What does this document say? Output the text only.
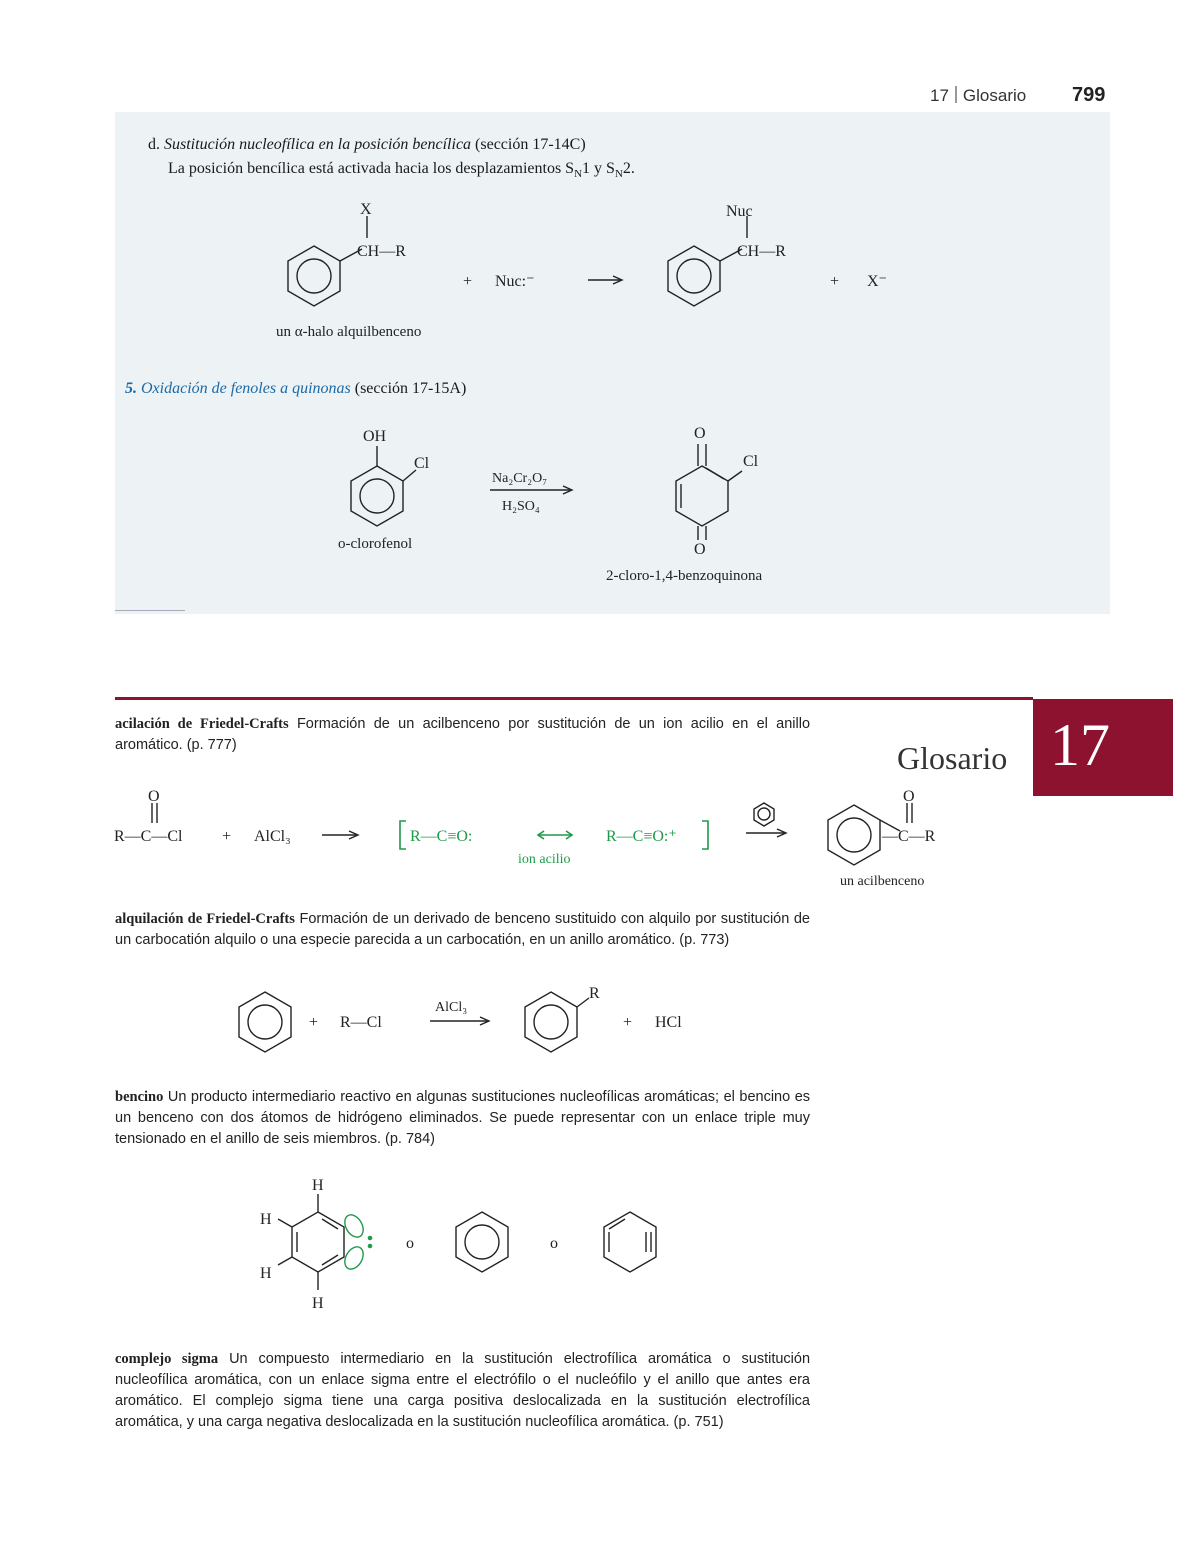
17 Glosario 799
d. Sustitución nucleofílica en la posición bencílica (sección 17-14C)
La posición bencílica está activada hacia los desplazamientos $S_N1$ y $S_N2$.
X
CH—R
+ Nuc:⁻
Nuc
CH—R
+ X⁻
un α-halo alquilbenceno
5. Oxidación de fenoles a quinonas (sección 17-15A)
OH
Cl
Na₂Cr₂O₇
H₂SO₄
O
Cl
O
o-clorofenol
2-cloro-1,4-benzoquinona
17
Glosario
acilación de Friedel-Crafts Formación de un acilbenceno por sustitución de un ion acilio en el anillo aromático. (p. 777)
O
R—C—Cl + AlCl₃	R—C≡O:	R—C≡O:⁺
ion acilio
O
—C—R
un acilbenceno
alquilación de Friedel-Crafts Formación de un derivado de benceno sustituido con alquilo por sustitución de un carbocatión alquilo o una especie parecida a un carbocatión, en un anillo aromático. (p. 773)
+ R—Cl
AlCl₃
R
+ HCl
bencino Un producto intermediario reactivo en algunas sustituciones nucleofílicas aromáticas; el bencino es un benceno con dos átomos de hidrógeno eliminados. Se puede representar con un enlace triple muy tensionado en el anillo de seis miembros. (p. 784)
H
H
H
H
o	o
complejo sigma Un compuesto intermediario en la sustitución electrofílica aromática o sustitución nucleofílica aromática, con un enlace sigma entre el electrófilo o el nucleófilo y el anillo que antes era aromático. El complejo sigma tiene una carga positiva deslocalizada en la sustitución electrofílica aromática, y una carga negativa deslocalizada en la sustitución nucleofílica aromática. (p. 751)
